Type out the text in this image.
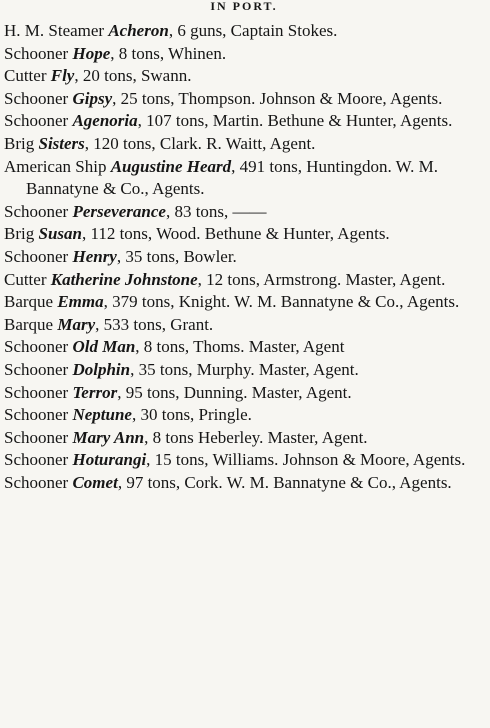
IN PORT.
H. M. Steamer Acheron, 6 guns, Captain Stokes.
Schooner Hope, 8 tons, Whinen.
Cutter Fly, 20 tons, Swann.
Schooner Gipsy, 25 tons, Thompson. Johnson & Moore, Agents.
Schooner Agenoria, 107 tons, Martin. Bethune & Hunter, Agents.
Brig Sisters, 120 tons, Clark. R. Waitt, Agent.
American Ship Augustine Heard, 491 tons, Huntingdon. W. M. Bannatyne & Co., Agents.
Schooner Perseverance, 83 tons, ——
Brig Susan, 112 tons, Wood. Bethune & Hunter, Agents.
Schooner Henry, 35 tons, Bowler.
Cutter Katherine Johnstone, 12 tons, Armstrong. Master, Agent.
Barque Emma, 379 tons, Knight. W. M. Bannatyne & Co., Agents.
Barque Mary, 533 tons, Grant.
Schooner Old Man, 8 tons, Thoms. Master, Agent
Schooner Dolphin, 35 tons, Murphy. Master, Agent.
Schooner Terror, 95 tons, Dunning. Master, Agent.
Schooner Neptune, 30 tons, Pringle.
Schooner Mary Ann, 8 tons Heberley. Master, Agent.
Schooner Hoturangi, 15 tons, Williams. Johnson & Moore, Agents.
Schooner Comet, 97 tons, Cork. W. M. Bannatyne & Co., Agents.
